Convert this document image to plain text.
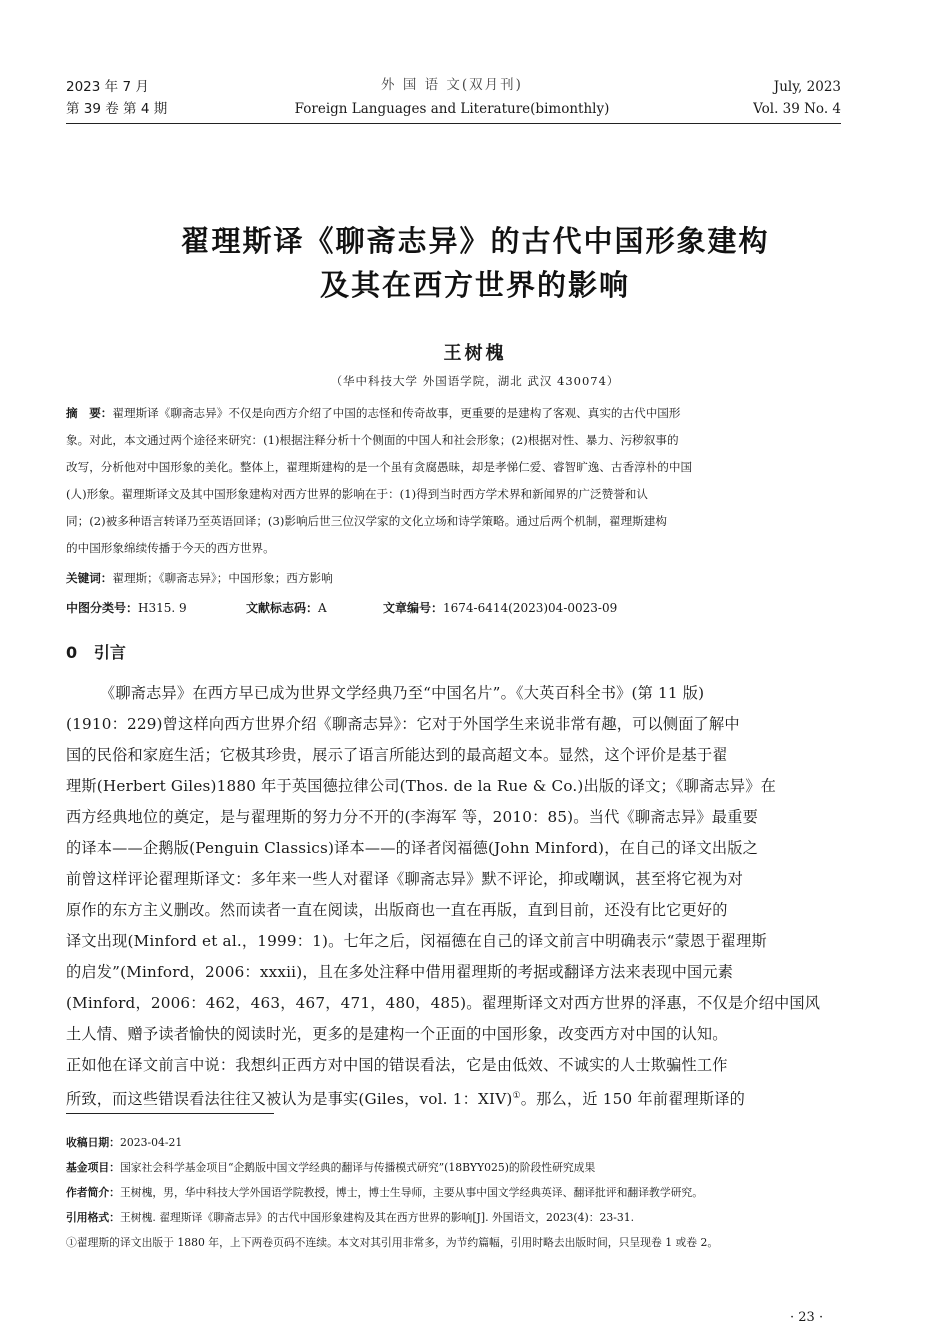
2023 年 7 月
第 39 卷 第 4 期
外 国 语 文(双月刊)
Foreign Languages and Literature(bimonthly)
July, 2023
Vol. 39 No. 4
翟理斯译《聊斋志异》的古代中国形象建构
及其在西方世界的影响
王树槐
（华中科技大学 外国语学院，湖北 武汉 430074）
摘　要：翟理斯译《聊斋志异》不仅是向西方介绍了中国的志怪和传奇故事，更重要的是建构了客观、真实的古代中国形
象。对此，本文通过两个途径来研究：(1)根据注释分析十个侧面的中国人和社会形象；(2)根据对性、暴力、污秽叙事的
改写，分析他对中国形象的美化。整体上，翟理斯建构的是一个虽有贪腐愚昧，却是孝悌仁爱、睿智旷逸、古香淳朴的中国
(人)形象。翟理斯译文及其中国形象建构对西方世界的影响在于：(1)得到当时西方学术界和新闻界的广泛赞誉和认
同；(2)被多种语言转译乃至英语回译；(3)影响后世三位汉学家的文化立场和诗学策略。通过后两个机制，翟理斯建构
的中国形象绵续传播于今天的西方世界。
关键词：翟理斯；《聊斋志异》；中国形象；西方影响
中图分类号：H315. 9	文献标志码：A	文章编号：1674-6414(2023)04-0023-09
0 引言
《聊斋志异》在西方早已成为世界文学经典乃至“中国名片”。《大英百科全书》(第 11 版)
(1910：229)曾这样向西方世界介绍《聊斋志异》：它对于外国学生来说非常有趣，可以侧面了解中
国的民俗和家庭生活；它极其珍贵，展示了语言所能达到的最高超文本。显然，这个评价是基于翟
理斯(Herbert Giles)1880 年于英国德拉律公司(Thos. de la Rue & Co.)出版的译文；《聊斋志异》在
西方经典地位的奠定，是与翟理斯的努力分不开的(李海军 等，2010：85)。当代《聊斋志异》最重要
的译本——企鹅版(Penguin Classics)译本——的译者闵福德(John Minford)，在自己的译文出版之
前曾这样评论翟理斯译文：多年来一些人对翟译《聊斋志异》默不评论，抑或嘲讽，甚至将它视为对
原作的东方主义删改。然而读者一直在阅读，出版商也一直在再版，直到目前，还没有比它更好的
译文出现(Minford et al.，1999：1)。七年之后，闵福德在自己的译文前言中明确表示“蒙恩于翟理斯
的启发”(Minford，2006：xxxii)，且在多处注释中借用翟理斯的考据或翻译方法来表现中国元素
(Minford，2006：462，463，467，471，480，485)。翟理斯译文对西方世界的泽惠，不仅是介绍中国风
土人情、赠予读者愉快的阅读时光，更多的是建构一个正面的中国形象，改变西方对中国的认知。
正如他在译文前言中说：我想纠正西方对中国的错误看法，它是由低效、不诚实的人士欺骗性工作
所致，而这些错误看法往往又被认为是事实(Giles，vol. 1：XIV)①。那么，近 150 年前翟理斯译的
收稿日期：2023-04-21
基金项目：国家社会科学基金项目“企鹅版中国文学经典的翻译与传播模式研究”(18BYY025)的阶段性研究成果
作者简介：王树槐，男，华中科技大学外国语学院教授，博士，博士生导师，主要从事中国文学经典英译、翻译批评和翻译教学研究。
引用格式：王树槐. 翟理斯译《聊斋志异》的古代中国形象建构及其在西方世界的影响[J]. 外国语文，2023(4)：23-31.
①翟理斯的译文出版于 1880 年，上下两卷页码不连续。本文对其引用非常多，为节约篇幅，引用时略去出版时间，只呈现卷 1 或卷 2。
· 23 ·
